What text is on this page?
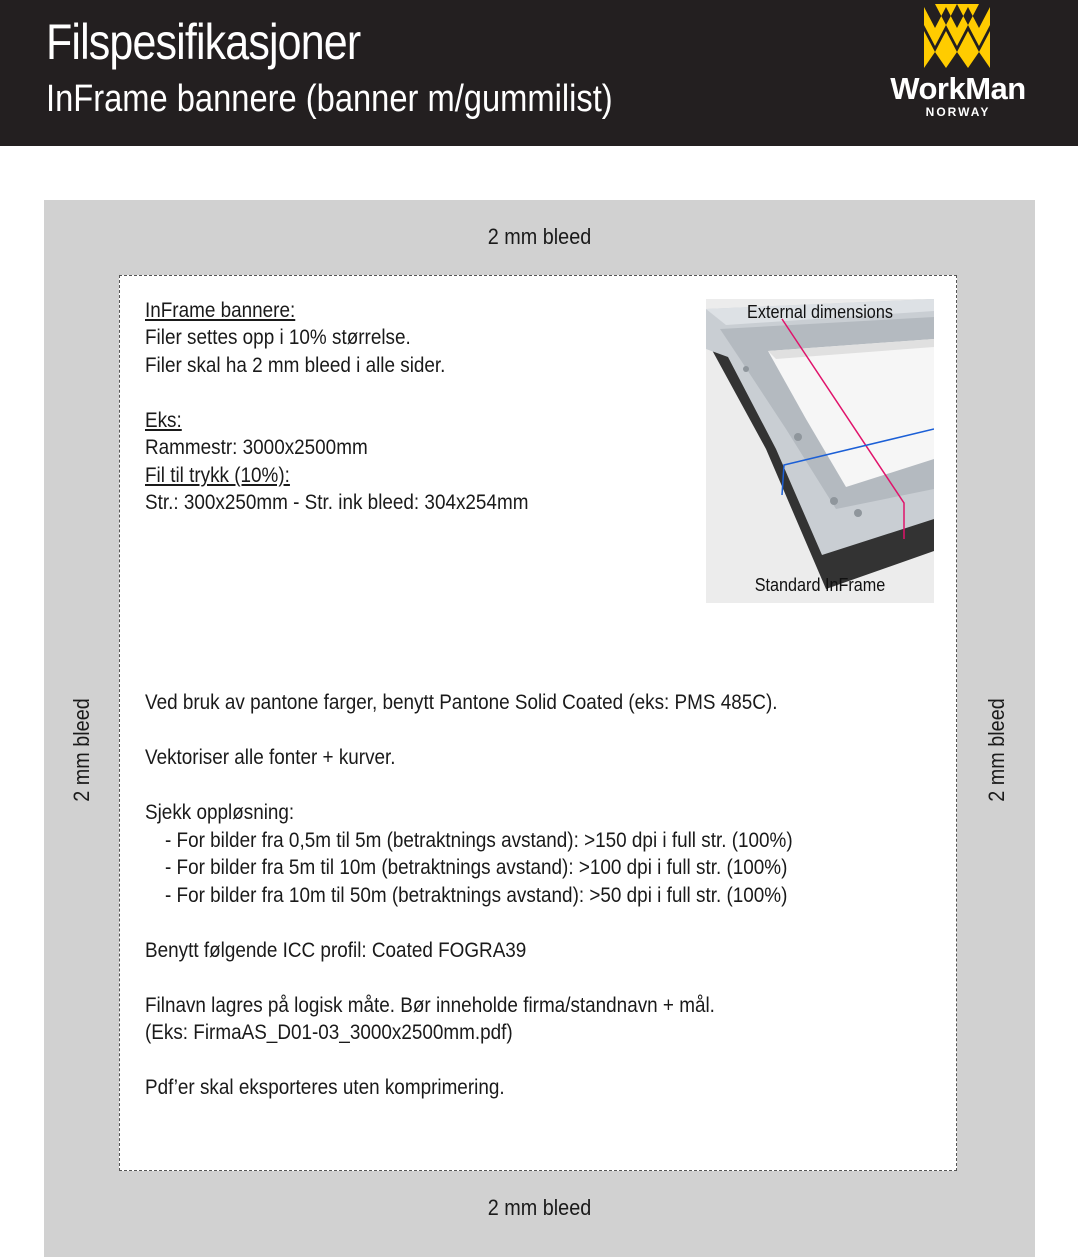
Filspesifikasjoner
InFrame bannere (banner m/gummilist)	WorkMan
NORWAY
2 mm bleed
2 mm bleed
2 mm bleed	2 mm bleed
InFrame bannere:
Filer settes opp i 10% størrelse.
Filer skal ha 2 mm bleed i alle sider.
Eks:
Rammestr: 3000x2500mm
Fil til trykk (10%):
Str.: 300x250mm - Str. ink bleed: 304x254mm
External dimensions
Standard InFrame
Ved bruk av pantone farger, benytt Pantone Solid Coated (eks: PMS 485C).
Vektoriser alle fonter + kurver.
Sjekk oppløsning:
- For bilder fra 0,5m til 5m (betraktnings avstand): >150 dpi i full str. (100%)
- For bilder fra 5m til 10m (betraktnings avstand): >100 dpi i full str. (100%)
- For bilder fra 10m til 50m (betraktnings avstand): >50 dpi i full str. (100%)
Benytt følgende ICC profil: Coated FOGRA39
Filnavn lagres på logisk måte. Bør inneholde firma/standnavn + mål.
(Eks: FirmaAS_D01-03_3000x2500mm.pdf)
Pdf’er skal eksporteres uten komprimering.
